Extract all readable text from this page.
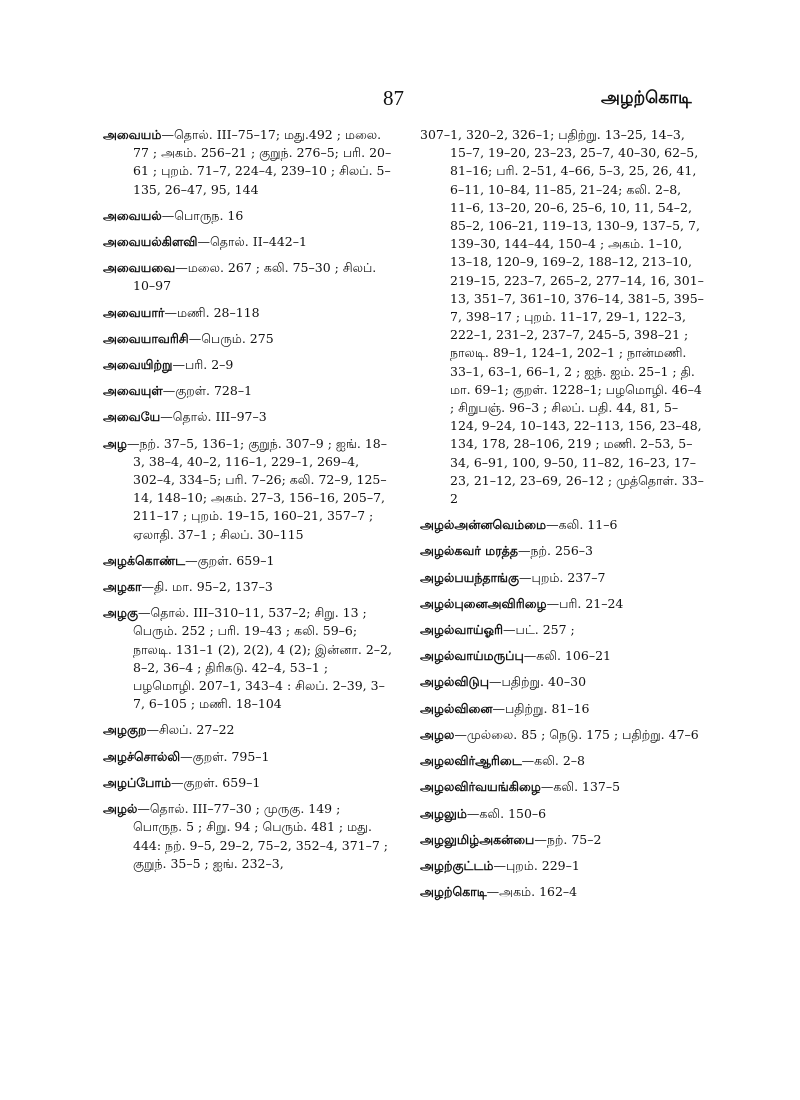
87	அழற்கொடி
அவையம்—தொல். III–75–17; மது.492 ; மலை. 77 ; அகம். 256–21 ; குறுந். 276–5; பரி. 20–61 ; புறம். 71–7, 224–4, 239–10 ; சிலப். 5–135, 26–47, 95, 144
அவையல்—பொருந. 16
அவையல்கிளவி—தொல். II–442–1
அவையவை—மலை. 267 ; கலி. 75–30 ; சிலப். 10–97
அவையார்—மணி. 28–118
அவையாவரிசி—பெரும். 275
அவையிற்று—பரி. 2–9
அவையுள்—குறள். 728–1
அவையே—தொல். III–97–3
அழ—நற். 37–5, 136–1; குறுந். 307–9 ; ஐங். 18–3, 38–4, 40–2, 116–1, 229–1, 269–4, 302–4, 334–5; பரி. 7–26; கலி. 72–9, 125–14, 148–10; அகம். 27–3, 156–16, 205–7, 211–17 ; புறம். 19–15, 160–21, 357–7 ; ஏலாதி. 37–1 ; சிலப். 30–115
அழக்கொண்ட—குறள். 659–1
அழகா—தி. மா. 95–2, 137–3
அழகு—தொல். III–310–11, 537–2; சிறு. 13 ; பெரும். 252 ; பரி. 19–43 ; கலி. 59–6; நாலடி. 131–1 (2), 2(2), 4 (2); இன்னா. 2–2, 8–2, 36–4 ; திரிகடு. 42–4, 53–1 ; பழமொழி. 207–1, 343–4 : சிலப். 2–39, 3–7, 6–105 ; மணி. 18–104
அழகுற—சிலப். 27–22
அழச்சொல்லி—குறள். 795–1
அழப்போம்—குறள். 659–1
அழல்—தொல். III–77–30 ; முருகு. 149 ; பொருந. 5 ; சிறு. 94 ; பெரும். 481 ; மது. 444: நற். 9–5, 29–2, 75–2, 352–4, 371–7 ; குறுந். 35–5 ; ஐங். 232–3,
307–1, 320–2, 326–1; பதிற்று. 13–25, 14–3, 15–7, 19–20, 23–23, 25–7, 40–30, 62–5, 81–16; பரி. 2–51, 4–66, 5–3, 25, 26, 41, 6–11, 10–84, 11–85, 21–24; கலி. 2–8, 11–6, 13–20, 20–6, 25–6, 10, 11, 54–2, 85–2, 106–21, 119–13, 130–9, 137–5, 7, 139–30, 144–44, 150–4 ; அகம். 1–10, 13–18, 120–9, 169–2, 188–12, 213–10, 219–15, 223–7, 265–2, 277–14, 16, 301–13, 351–7, 361–10, 376–14, 381–5, 395–7, 398–17 ; புறம். 11–17, 29–1, 122–3, 222–1, 231–2, 237–7, 245–5, 398–21 ; நாலடி. 89–1, 124–1, 202–1 ; நான்மணி. 33–1, 63–1, 66–1, 2 ; ஐந். ஐம். 25–1 ; தி. மா. 69–1; குறள். 1228–1; பழமொழி. 46–4 ; சிறுபஞ். 96–3 ; சிலப். பதி. 44, 81, 5–124, 9–24, 10–143, 22–113, 156, 23–48, 134, 178, 28–106, 219 ; மணி. 2–53, 5–34, 6–91, 100, 9–50, 11–82, 16–23, 17–23, 21–12, 23–69, 26–12 ; முத்தொள். 33–2
அழல்அன்னவெம்மை—கலி. 11–6
அழல்கவர் மரத்த—நற். 256–3
அழல்பயந்தாங்கு—புறம். 237–7
அழல்புனைஅவிரிழை—பரி. 21–24
அழல்வாய்ஓரி—பட். 257 ;
அழல்வாய்மருப்பு—கலி. 106–21
அழல்விடுபு—பதிற்று. 40–30
அழல்வினை—பதிற்று. 81–16
அழல—முல்லை. 85 ; நெடு. 175 ; பதிற்று. 47–6
அழலவிர்ஆரிடை—கலி. 2–8
அழலவிர்வயங்கிழை—கலி. 137–5
அழலும்—கலி. 150–6
அழலுமிழ்அகன்பை—நற். 75–2
அழற்குட்டம்—புறம். 229–1
அழற்கொடி—அகம். 162–4
